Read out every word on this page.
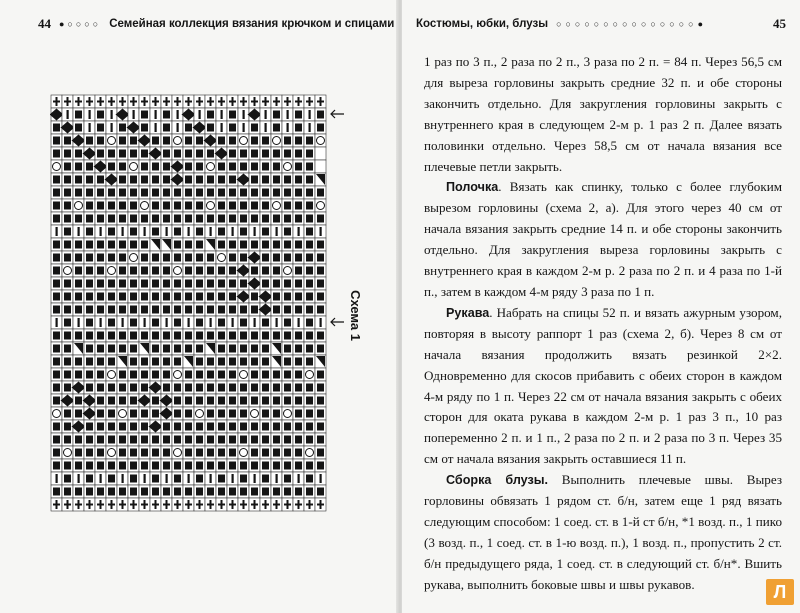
44 ●○○○○ Семейная коллекция вязания крючком и спицами
Схема 1
Костюмы, юбки, блузы ○○○○○○○○○○○○○○○●	45

1 раз по 3 п., 2 раза по 2 п., 3 раза по 2 п. = 84 п. Через 56,5 см для выреза горловины закрыть средние 32 п. и обе стороны закончить отдельно. Для закругления горловины закрыть с внутреннего края в следующем 2-м р. 1 раз 2 п. Далее вязать половинки отдельно. Через 58,5 см от начала вязания все плечевые петли закрыть.

Полочка. Вязать как спинку, только с более глубоким вырезом горловины (схема 2, а). Для этого через 40 см от начала вязания закрыть средние 14 п. и обе стороны закончить отдельно. Для закругления выреза горловины закрыть с внутреннего края в каждом 2-м р. 2 раза по 2 п. и 4 раза по 1-й п., затем в каждом 4-м ряду 3 раза по 1 п.

Рукава. Набрать на спицы 52 п. и вязать ажурным узором, повторяя в высоту раппорт 1 раз (схема 2, б). Через 8 см от начала вязания продолжить вязать резинкой 2×2. Одновременно для скосов прибавить с обеих сторон в каждом 4-м ряду по 1 п. Через 22 см от начала вязания закрыть с обеих сторон для оката рукава в каждом 2-м р. 1 раз 3 п., 10 раз попеременно 2 п. и 1 п., 2 раза по 2 п. и 2 раза по 3 п. Через 35 см от начала вязания закрыть оставшиеся 11 п.

Сборка блузы. Выполнить плечевые швы. Вырез горловины обвязать 1 рядом ст. б/н, затем еще 1 ряд вязать следующим способом: 1 соед. ст. в 1-й ст б/н, *1 возд. п., 1 пико (3 возд. п., 1 соед. ст. в 1-ю возд. п.), 1 возд. п., пропустить 2 ст. б/н предыдущего ряда, 1 соед. ст. в следующий ст. б/н*. Вшить рукава, выполнить боковые швы и швы рукавов.	Л
